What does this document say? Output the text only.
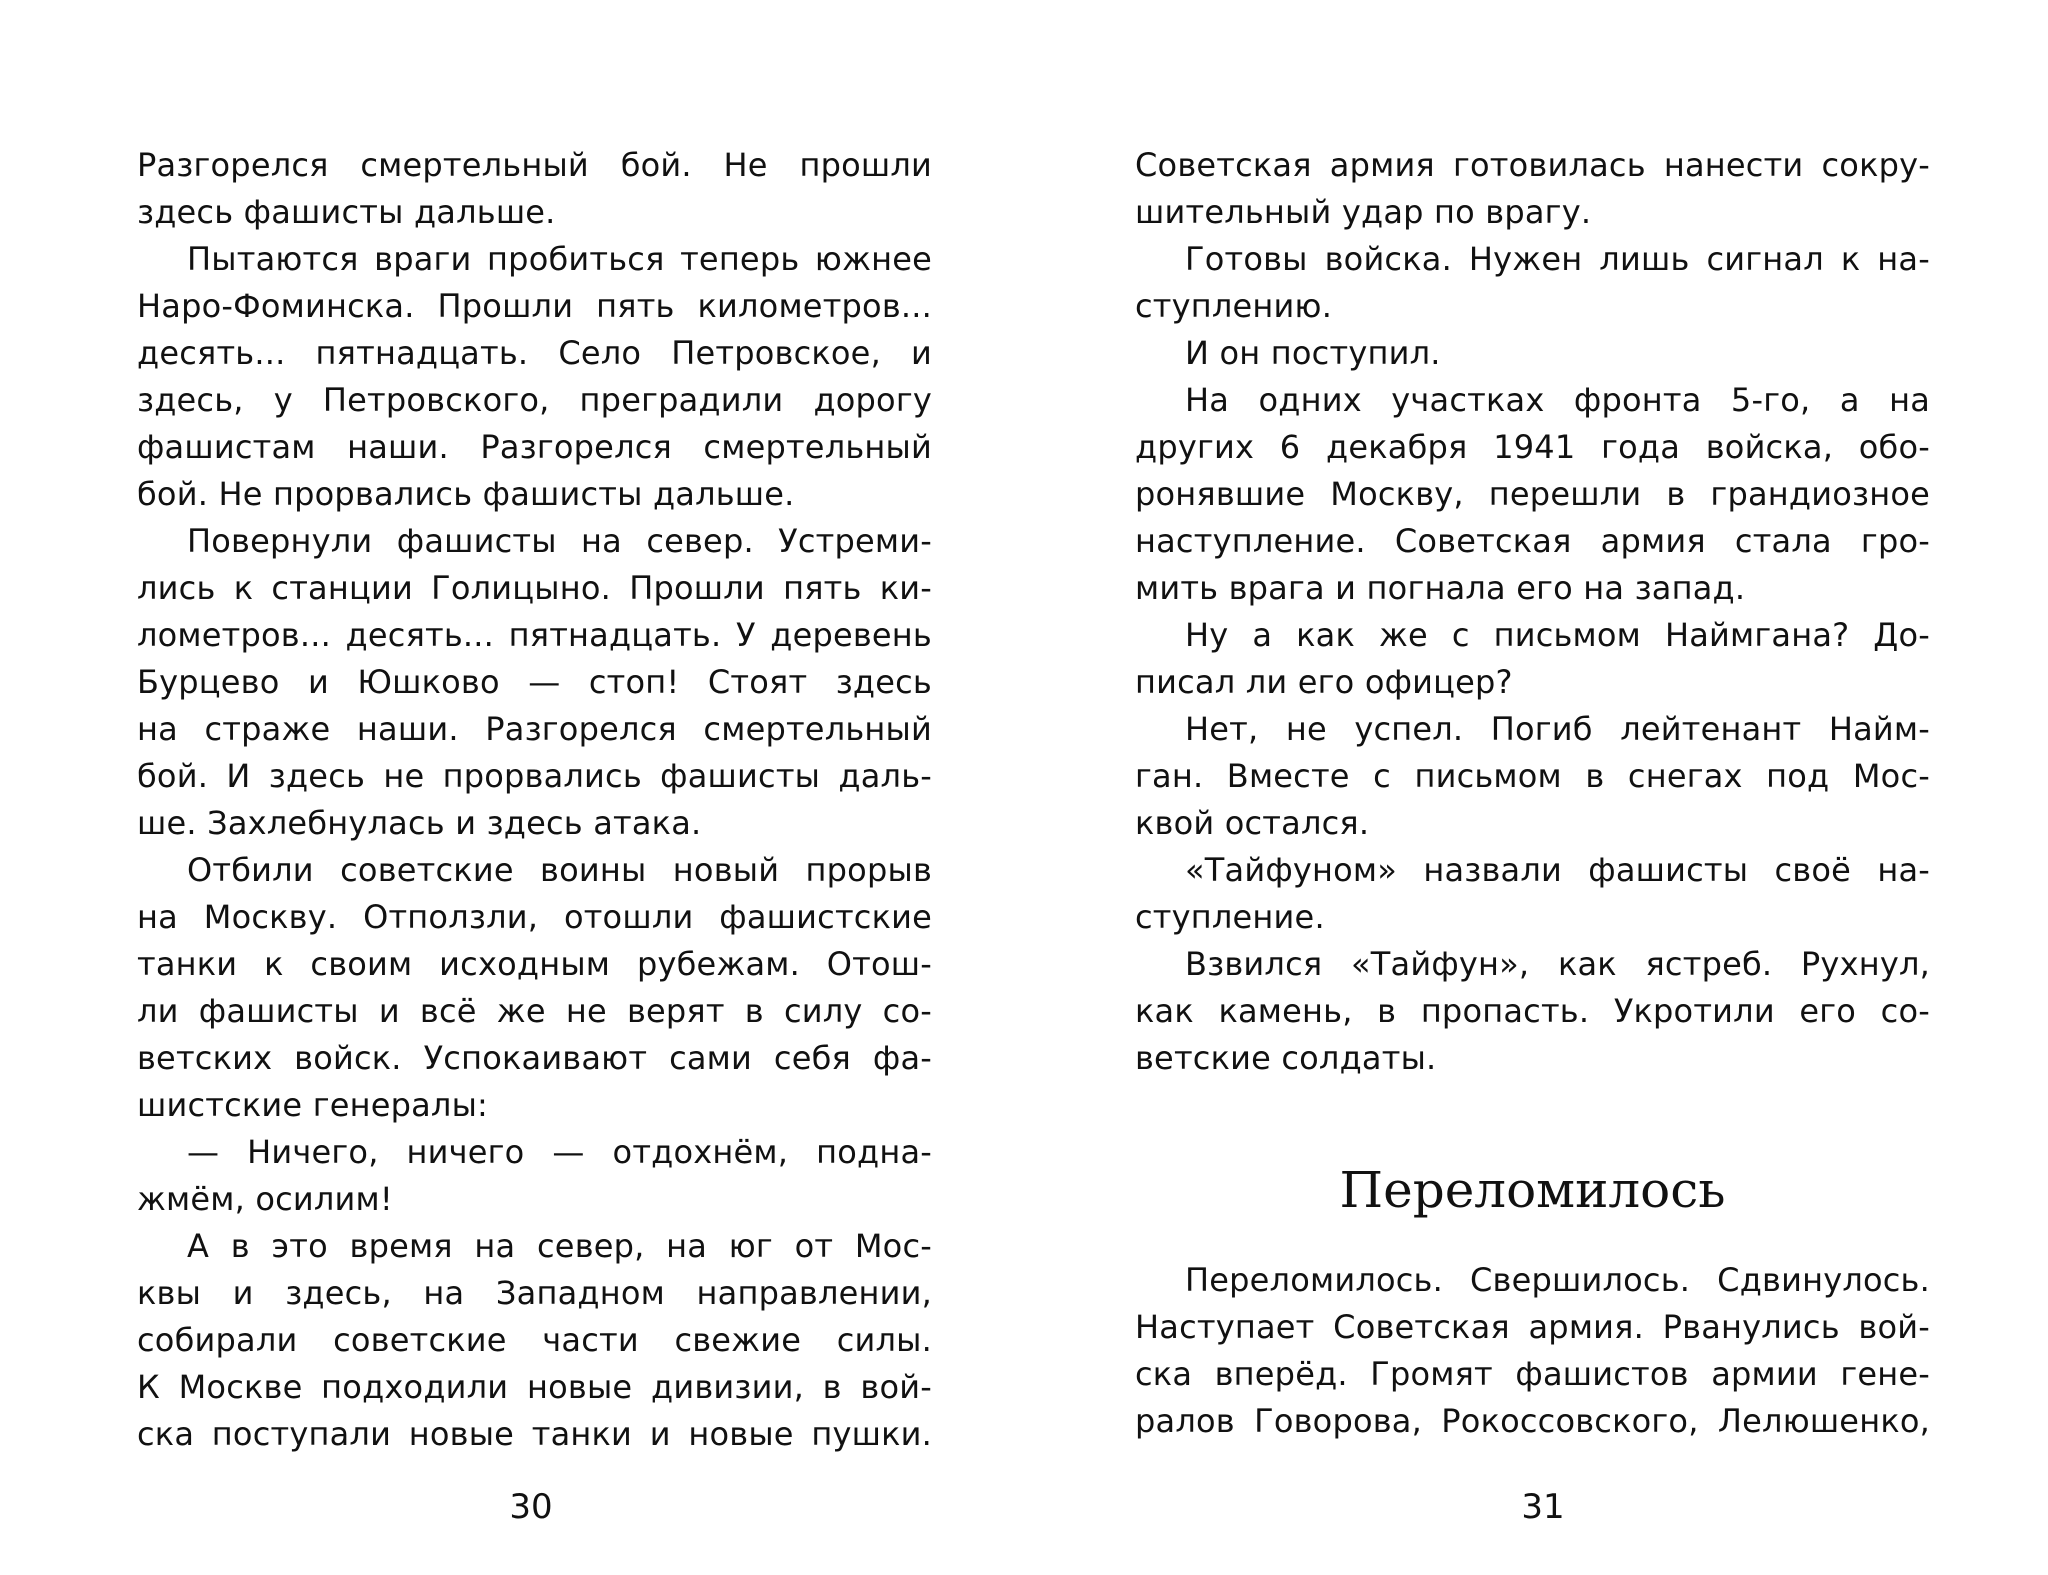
Разгорелся смертельный бой. Не прошли
здесь фашисты дальше.
Пытаются враги пробиться теперь южнее
Наро-Фоминска. Прошли пять километров...
десять... пятнадцать. Село Петровское, и
здесь, у Петровского, преградили дорогу
фашистам наши. Разгорелся смертельный
бой. Не прорвались фашисты дальше.
Повернули фашисты на север. Устреми-
лись к станции Голицыно. Прошли пять ки-
лометров... десять... пятнадцать. У деревень
Бурцево и Юшково — стоп! Стоят здесь
на страже наши. Разгорелся смертельный
бой. И здесь не прорвались фашисты даль-
ше. Захлебнулась и здесь атака.
Отбили советские воины новый прорыв
на Москву. Отползли, отошли фашистские
танки к своим исходным рубежам. Отош-
ли фашисты и всё же не верят в силу со-
ветских войск. Успокаивают сами себя фа-
шистские генералы:
— Ничего, ничего — отдохнём, поднa-
жмём, осилим!
А в это время на север, на юг от Мос-
квы и здесь, на Западном направлении,
собирали советские части свежие силы.
К Москве подходили новые дивизии, в вой-
ска поступали новые танки и новые пушки.
30
Советская армия готовилась нанести сокру-
шительный удар по врагу.
Готовы войска. Нужен лишь сигнал к на-
ступлению.
И он поступил.
На одних участках фронта 5-го, а на
других 6 декабря 1941 года войска, обо-
ронявшие Москву, перешли в грандиозное
наступление. Советская армия стала гро-
мить врага и погнала его на запад.
Ну а как же с письмом Наймгана? До-
писал ли его офицер?
Нет, не успел. Погиб лейтенант Найм-
ган. Вместе с письмом в снегах под Мос-
квой остался.
«Тайфуном» назвали фашисты своё на-
ступление.
Взвился «Тайфун», как ястреб. Рухнул,
как камень, в пропасть. Укротили его со-
ветские солдаты.
Переломилось
Переломилось. Свершилось. Сдвинулось.
Наступает Советская армия. Рванулись вой-
ска вперёд. Громят фашистов армии гене-
ралов Говорова, Рокоссовского, Лелюшенко,
31
